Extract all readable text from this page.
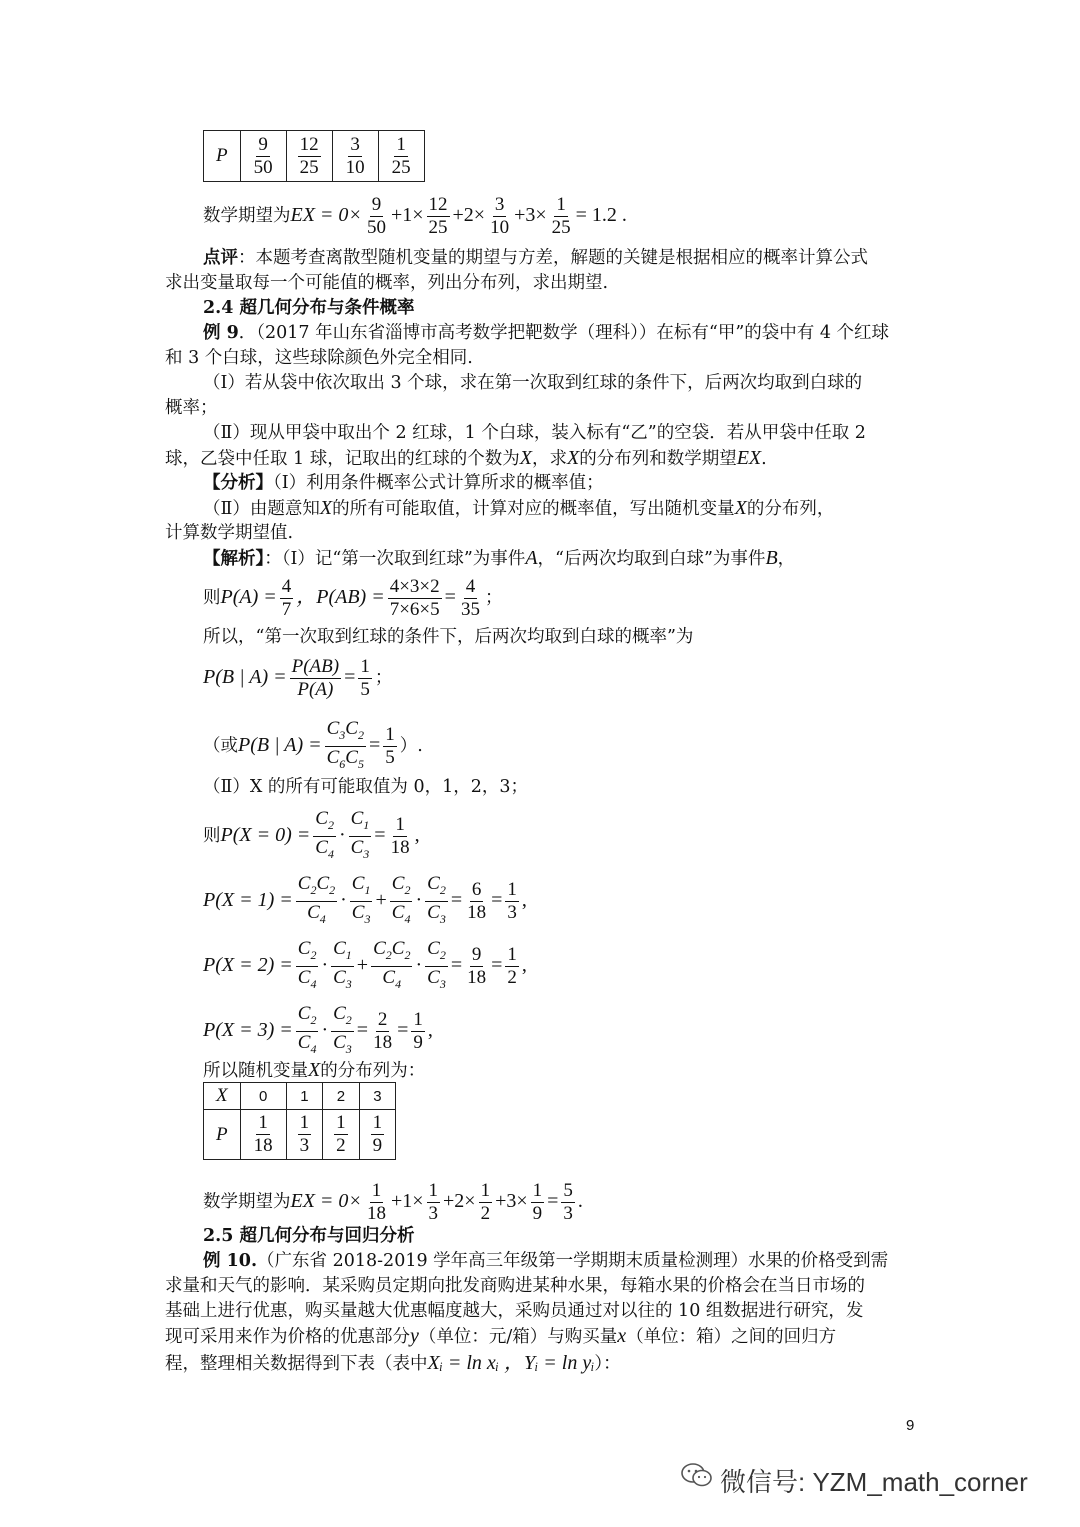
P	$\frac{9}{50}$	$\frac{12}{25}$	$\frac{3}{10}$	$\frac{1}{25}$
数学期望为EX = $0\times \frac{9}{50} +1\times \frac{12}{25} +2\times \frac{3}{10} +3\times \frac{1}{25} = 1.2$ .
点评：本题考查离散型随机变量的期望与方差，解题的关键是根据相应的概率计算公式
求出变量取每一个可能值的概率，列出分布列，求出期望.
2.4 超几何分布与条件概率
例 9．（2017 年山东省淄博市高考数学把靶数学（理科））在标有“甲”的袋中有 4 个红球
和 3 个白球，这些球除颜色外完全相同.
（Ⅰ）若从袋中依次取出 3 个球，求在第一次取到红球的条件下，后两次均取到白球的
概率；
（Ⅱ）现从甲袋中取出个 2 红球，1 个白球，装入标有“乙”的空袋．若从甲袋中任取 2
球，乙袋中任取 1 球，记取出的红球的个数为X，求X的分布列和数学期望EX.
【分析】（Ⅰ）利用条件概率公式计算所求的概率值；
（Ⅱ）由题意知X的所有可能取值，计算对应的概率值，写出随机变量X的分布列，
计算数学期望值.
【解析】：（Ⅰ）记“第一次取到红球”为事件A，“后两次均取到白球”为事件B，
则$P(A) = \frac{4}{7}$ ，$P(AB) = \frac{4\times 3\times 2}{7\times 6\times 5} = \frac{4}{35}$ ；
所以，“第一次取到红球的条件下，后两次均取到白球的概率”为
P(B | $A) = \frac{P(AB)}{P(A)} = \frac{1}{5}$ ；
（或P(B | $A) = \frac{C_3C_2}{C_6C_5} = \frac{1}{5}$ ）.
（Ⅱ）X 的所有可能取值为 0，1，2，3；
则$P(X = 0) = \frac{C_2}{C_4} \cdot \frac{C_1}{C_3} = \frac{1}{18}$ ,
$P(X = 1) = \frac{C_2C_2}{C_4} \cdot \frac{C_1}{C_3} + \frac{C_2}{C_4} \cdot \frac{C_2}{C_3} = \frac{6}{18} = \frac{1}{3}$ ,
$P(X = 2) = \frac{C_2}{C_4} \cdot \frac{C_1}{C_3} + \frac{C_2C_2}{C_4} \cdot \frac{C_2}{C_3} = \frac{9}{18} = \frac{1}{2}$ ,
$P(X = 3) = \frac{C_2}{C_4} \cdot \frac{C_2}{C_3} = \frac{2}{18} = \frac{1}{9}$ ,
所以随机变量X的分布列为：
X	0	1	2	3
P	$\frac{1}{18}$	$\frac{1}{3}$	$\frac{1}{2}$	$\frac{1}{9}$
数学期望为EX = $0\times \frac{1}{18} +1\times \frac{1}{3} +2\times \frac{1}{2} +3\times \frac{1}{9} = \frac{5}{3}$ .
2.5 超几何分布与回归分析
例 10.（广东省 2018-2019 学年高三年级第一学期期末质量检测理）水果的价格受到需
求量和天气的影响．某采购员定期向批发商购进某种水果，每箱水果的价格会在当日市场的
基础上进行优惠，购买量越大优惠幅度越大，采购员通过对以往的 10 组数据进行研究，发
现可采用来作为价格的优惠部分y（单位：元/箱）与购买量x（单位：箱）之间的回归方
程，整理相关数据得到下表（表中Xᵢ = ln xᵢ ，Yᵢ = ln yᵢ）：
9
微信号: YZM_math_corner
